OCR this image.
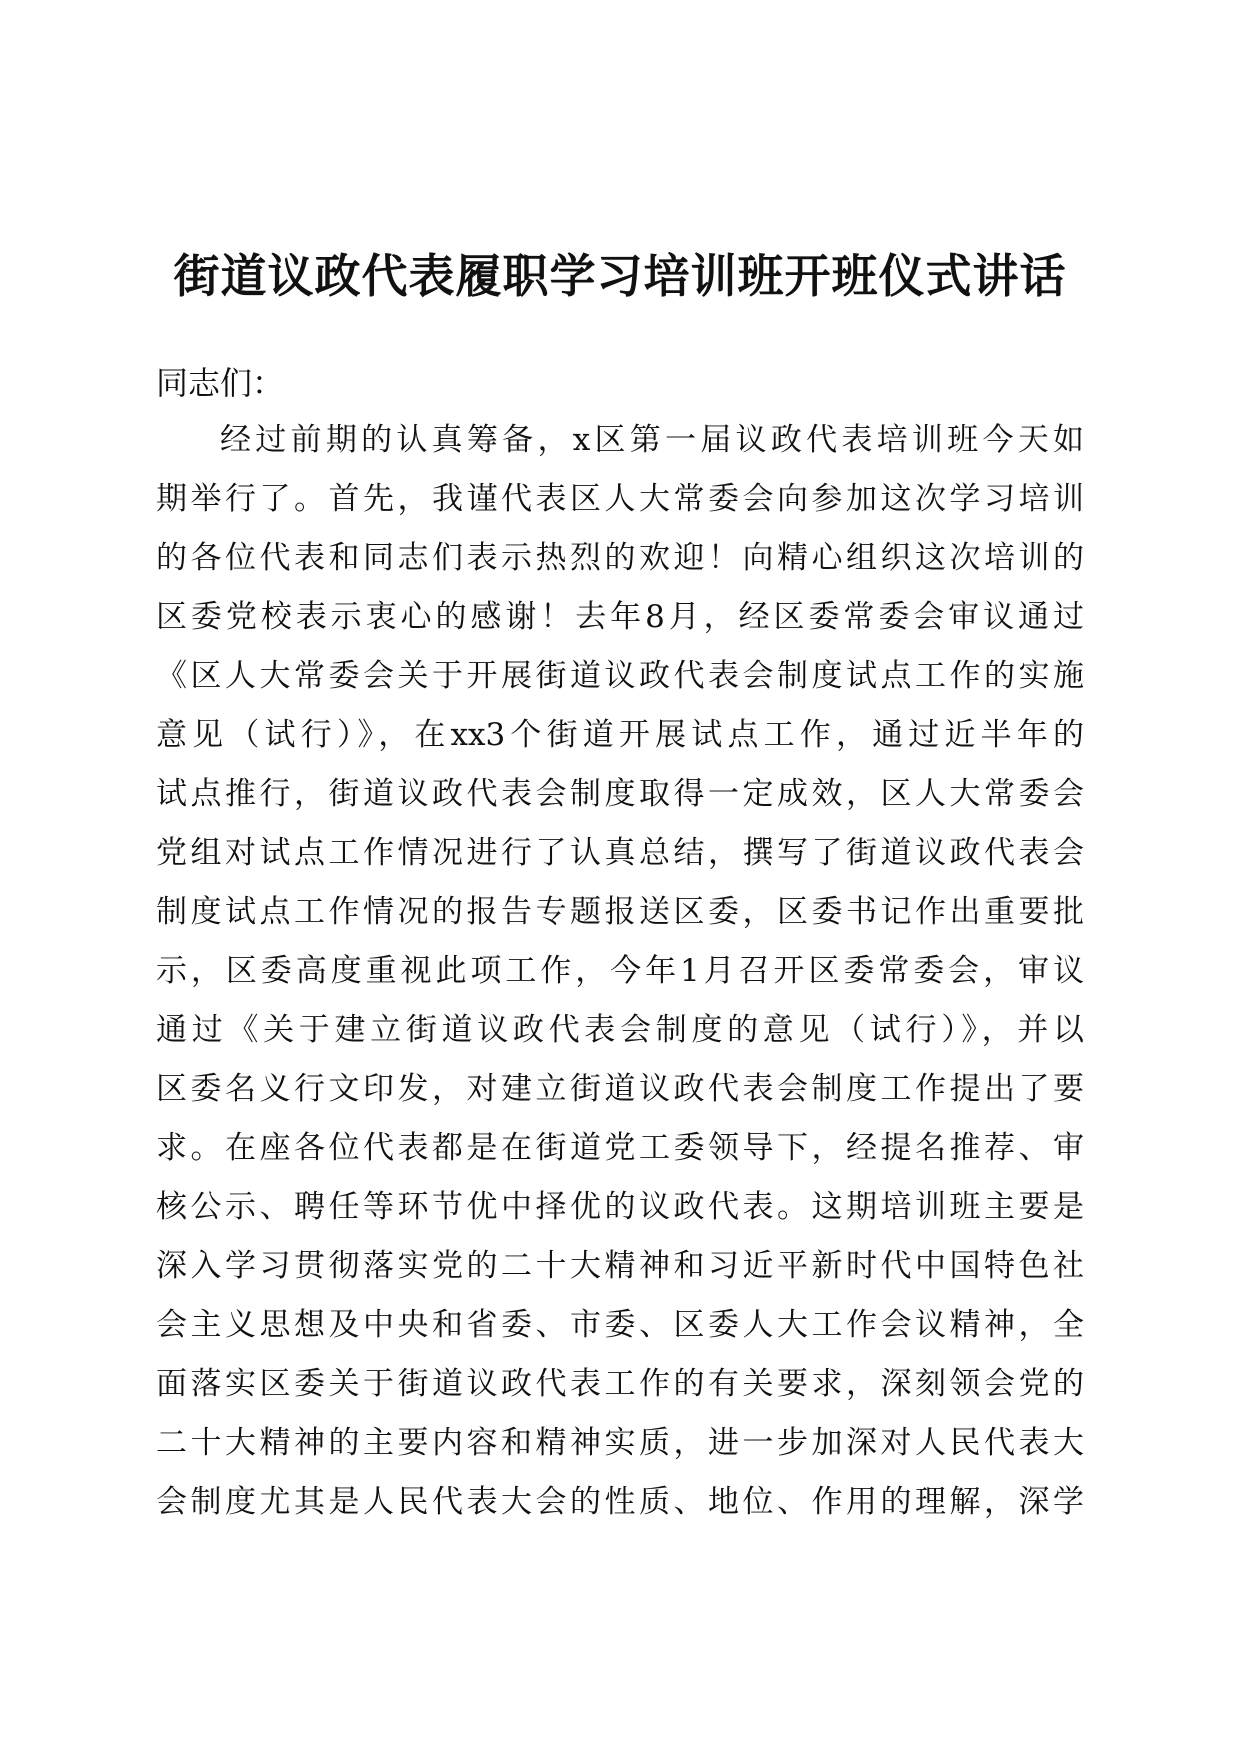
街道议政代表履职学习培训班开班仪式讲话

同志们：

经过前期的认真筹备，x区第一届议政代表培训班今天如
期举行了。首先，我谨代表区人大常委会向参加这次学习培训
的各位代表和同志们表示热烈的欢迎！向精心组织这次培训的
区委党校表示衷心的感谢！去年8月，经区委常委会审议通过
《区人大常委会关于开展街道议政代表会制度试点工作的实施
意见（试行）》，在xx3个街道开展试点工作，通过近半年的
试点推行，街道议政代表会制度取得一定成效，区人大常委会
党组对试点工作情况进行了认真总结，撰写了街道议政代表会
制度试点工作情况的报告专题报送区委，区委书记作出重要批
示，区委高度重视此项工作，今年1月召开区委常委会，审议
通过《关于建立街道议政代表会制度的意见（试行）》，并以
区委名义行文印发，对建立街道议政代表会制度工作提出了要
求。在座各位代表都是在街道党工委领导下，经提名推荐、审
核公示、聘任等环节优中择优的议政代表。这期培训班主要是
深入学习贯彻落实党的二十大精神和习近平新时代中国特色社
会主义思想及中央和省委、市委、区委人大工作会议精神，全
面落实区委关于街道议政代表工作的有关要求，深刻领会党的
二十大精神的主要内容和精神实质，进一步加深对人民代表大
会制度尤其是人民代表大会的性质、地位、作用的理解，深学
